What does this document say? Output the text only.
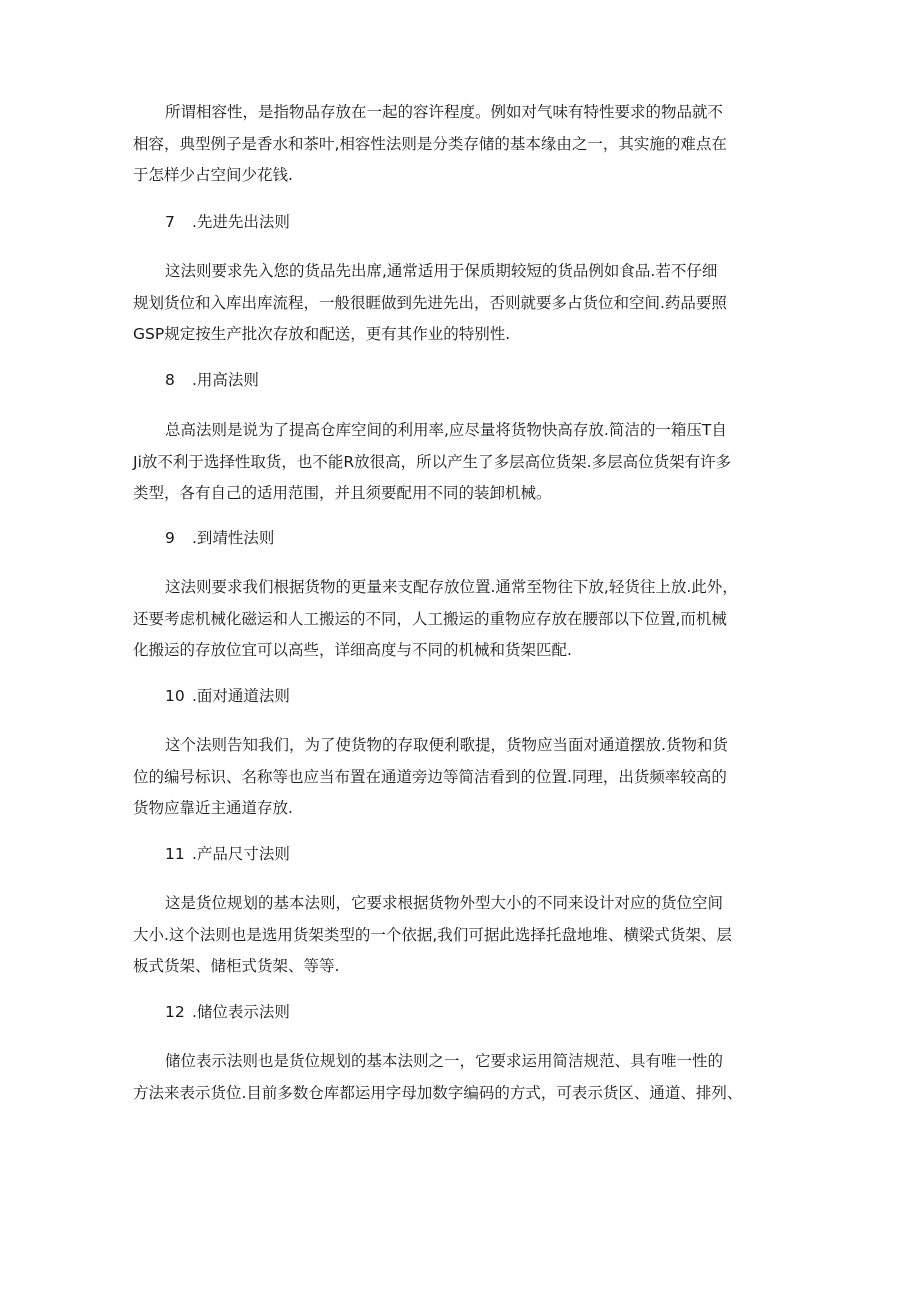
所谓相容性，是指物品存放在一起的容许程度。例如对气味有特性要求的物品就不
相容，典型例子是香水和茶叶,相容性法则是分类存储的基本缘由之一，其实施的难点在
于怎样少占空间少花钱.

7 .先进先出法则

这法则要求先入您的货品先出席,通常适用于保质期较短的货品例如食品.若不仔细
规划货位和入库出库流程，一般很睚做到先进先出，否则就要多占货位和空间.药品要照
GSP规定按生产批次存放和配送，更有其作业的特别性.

8 .用高法则

总高法则是说为了提高仓库空间的利用率,应尽量将货物快高存放.简洁的一箱压T自
Ji放不利于选择性取货，也不能R放很高，所以产生了多层高位货架.多层高位货架有许多
类型，各有自己的适用范围，并且须要配用不同的装卸机械。

9 .到靖性法则

这法则要求我们根据货物的更量来支配存放位置.通常至物往下放,轻货往上放.此外，
还要考虑机械化磁运和人工搬运的不同，人工搬运的重物应存放在腰部以下位置,而机械
化搬运的存放位宜可以高些，详细高度与不同的机械和货架匹配.

10 .面对通道法则

这个法则告知我们，为了使货物的存取便利歌提，货物应当面对通道摆放.货物和货
位的编号标识、名称等也应当布置在通道旁边等简洁看到的位置.同理，出货频率较高的
货物应靠近主通道存放.

11 .产品尺寸法则

这是货位规划的基本法则，它要求根据货物外型大小的不同来设计对应的货位空间
大小.这个法则也是选用货架类型的一个依据,我们可据此选择托盘地堆、横梁式货架、层
板式货架、储柜式货架、等等.

12 .储位表示法则

储位表示法则也是货位规划的基本法则之一，它要求运用简洁规范、具有唯一性的
方法来表示货位.目前多数仓库都运用字母加数字编码的方式，可表示货区、通道、排列、
